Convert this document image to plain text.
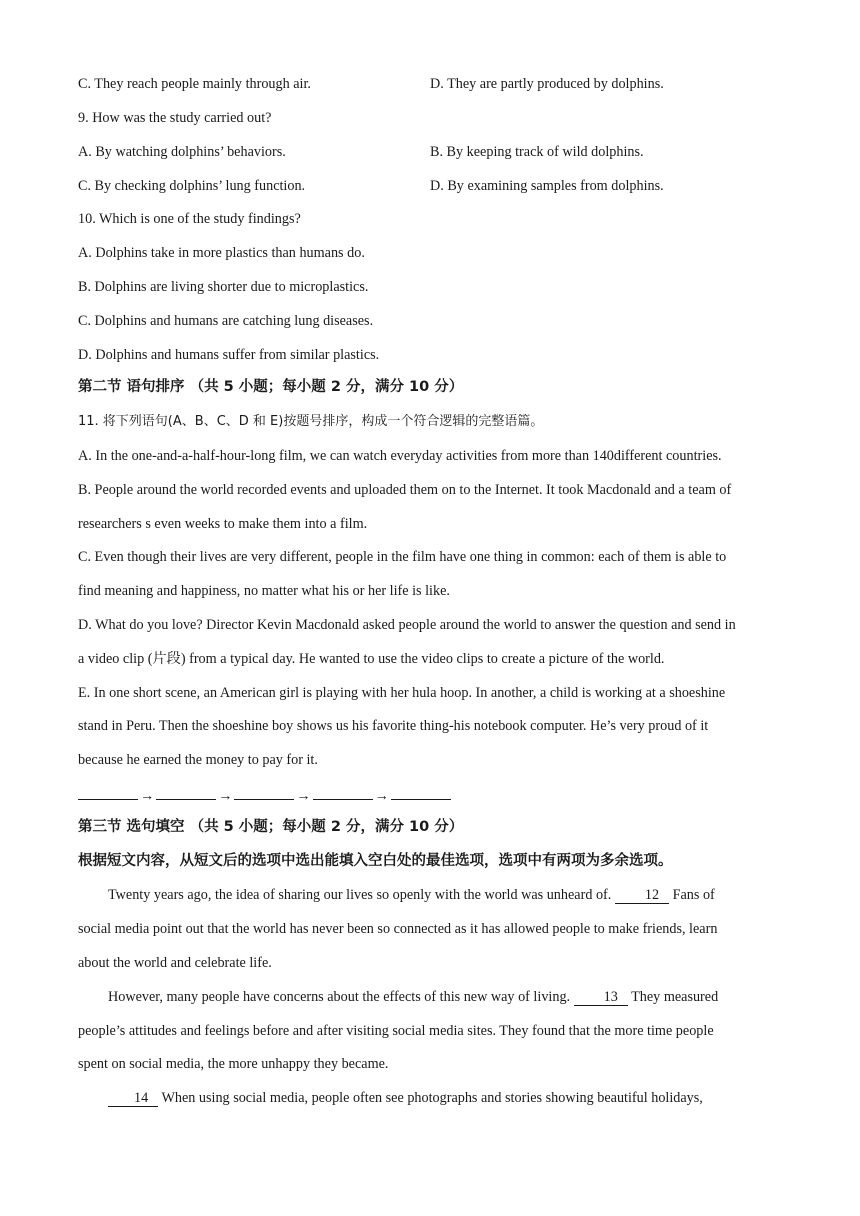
C. They reach people mainly through air.	D. They are partly produced by dolphins.
9. How was the study carried out?
A. By watching dolphins’ behaviors.	B. By keeping track of wild dolphins.
C. By checking dolphins’ lung function.	D. By examining samples from dolphins.
10. Which is one of the study findings?
A. Dolphins take in more plastics than humans do.
B. Dolphins are living shorter due to microplastics.
C. Dolphins and humans are catching lung diseases.
D. Dolphins and humans suffer from similar plastics.
第二节 语句排序 （共 5 小题；每小题 2 分，满分 10 分）
11. 将下列语句(A、B、C、D 和 E)按题号排序，构成一个符合逻辑的完整语篇。
A. In the one-and-a-half-hour-long film, we can watch everyday activities from more than 140different countries.
B. People around the world recorded events and uploaded them on to the Internet. It took Macdonald and a team of
researchers s even weeks to make them into a film.
C. Even though their lives are very different, people in the film have one thing in common: each of them is able to
find meaning and happiness, no matter what his or her life is like.
D. What do you love? Director Kevin Macdonald asked people around the world to answer the question and send in
a video clip (片段) from a typical day. He wanted to use the video clips to create a picture of the world.
E. In one short scene, an American girl is playing with her hula hoop. In another, a child is working at a shoeshine
stand in Peru. Then the shoeshine boy shows us his favorite thing-his notebook computer. He’s very proud of it
because he earned the money to pay for it.
→	→	→	→
第三节 选句填空 （共 5 小题；每小题 2 分，满分 10 分）
根据短文内容，从短文后的选项中选出能填入空白处的最佳选项，选项中有两项为多余选项。
Twenty years ago, the idea of sharing our lives so openly with the world was unheard of. 12 Fans of
social media point out that the world has never been so connected as it has allowed people to make friends, learn
about the world and celebrate life.
However, many people have concerns about the effects of this new way of living. 13 They measured
people’s attitudes and feelings before and after visiting social media sites. They found that the more time people
spent on social media, the more unhappy they became.
14 When using social media, people often see photographs and stories showing beautiful holidays,
